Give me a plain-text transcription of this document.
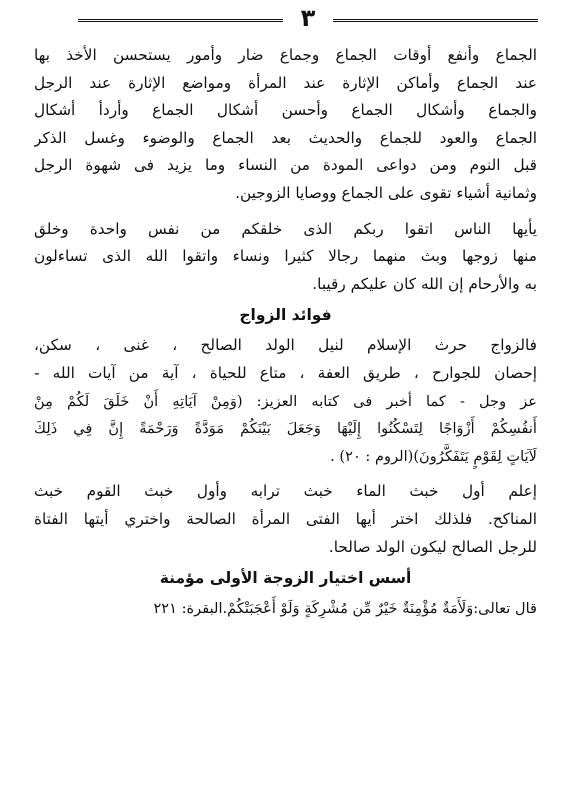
٣
الجماع وأنفع أوقات الجماع وجماع ضار وأمور يستحسن الأخذ بها
عند الجماع وأماكن الإثارة عند المرأة ومواضع الإثارة عند الرجل
والجماع وأشكال الجماع وأحسن أشكال الجماع وأردأ أشكال
الجماع والعود للجماع والحديث بعد الجماع والوضوء وغسل الذكر
قبل النوم ومن دواعى المودة من النساء وما يزيد فى شهوة الرجل
وثمانية أشياء تقوى على الجماع ووصايا الزوجين.
يأيها الناس اتقوا ربكم الذى خلقكم من نفس واحدة وخلق
منها زوجها وبث منهما رجالا كثيرا ونساء واتقوا الله الذى تساءلون
به والأرحام إن الله كان عليكم رقيبا.
فوائد الزواج
فالزواج حرث الإسلام لنيل الولد الصالح ، غنى ، سكن،
إحصان للجوارح ، طريق العفة ، متاع للحياة ، آية من آيات الله -
عز وجل - كما أخبر فى كتابه العزيز: (وَمِنْ آيَاتِهِ أَنْ خَلَقَ لَكُمْ مِنْ
أَنفُسِكُمْ أَزْوَاجًا لِتَسْكُنُوا إِلَيْهَا وَجَعَلَ بَيْنَكُمْ مَوَدَّةً وَرَحْمَةً إِنَّ فِي ذَلِكَ
لَآيَاتٍ لِقَوْمٍ يَتَفَكَّرُونَ)(الروم : ٢٠) .
إعلم أول خبث الماء خبث ترابه وأول خبث القوم خبث
المناكح. فلذلك اختر أيها الفتى المرأة الصالحة واختري أيتها الفتاة
للرجل الصالح ليكون الولد صالحا.
أسس اختيار الزوجة الأولى مؤمنة
قال تعالى:وَلَأَمَةٌ مُؤْمِنَةٌ خَيْرٌ مِّن مُشْرِكَةٍ وَلَوْ أَعْجَبَتْكُمْ.البقرة: ٢٢١
